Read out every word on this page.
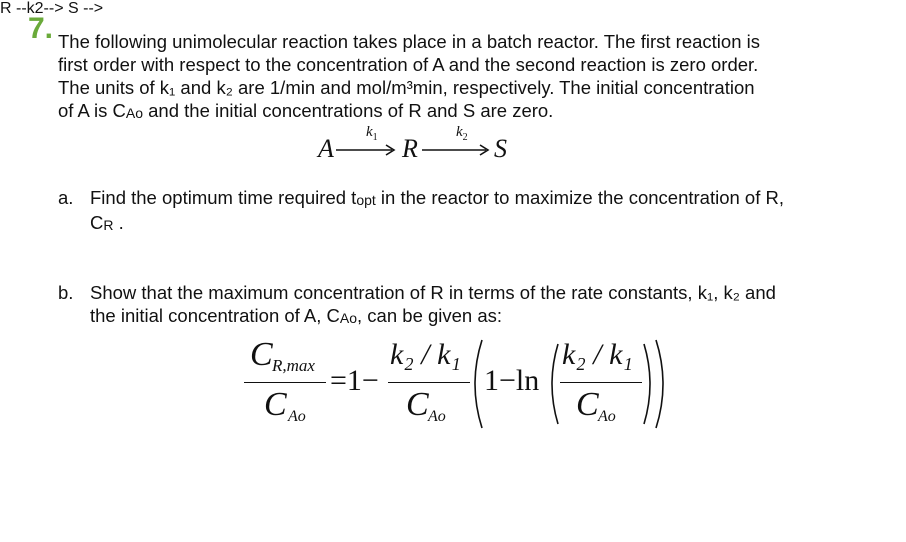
7. The following unimolecular reaction takes place in a batch reactor. The first reaction is
first order with respect to the concentration of A and the second reaction is zero order.
The units of k₁ and k₂ are 1/min and mol/m³min, respectively. The initial concentration
of A is CAo and the initial concentrations of R and S are zero.
R --k2--> S -->
A
$k_1$ R
$k_2$ S
a. Find the optimum time required topt in the reactor to maximize the concentration of R,
CR .
b. Show that the maximum concentration of R in terms of the rate constants, k₁, k₂ and
the initial concentration of A, CAo, can be given as:
C R,max
C Ao
=1−
k₂ / k₁
C Ao
1−ln
k₂ / k₁
C Ao
